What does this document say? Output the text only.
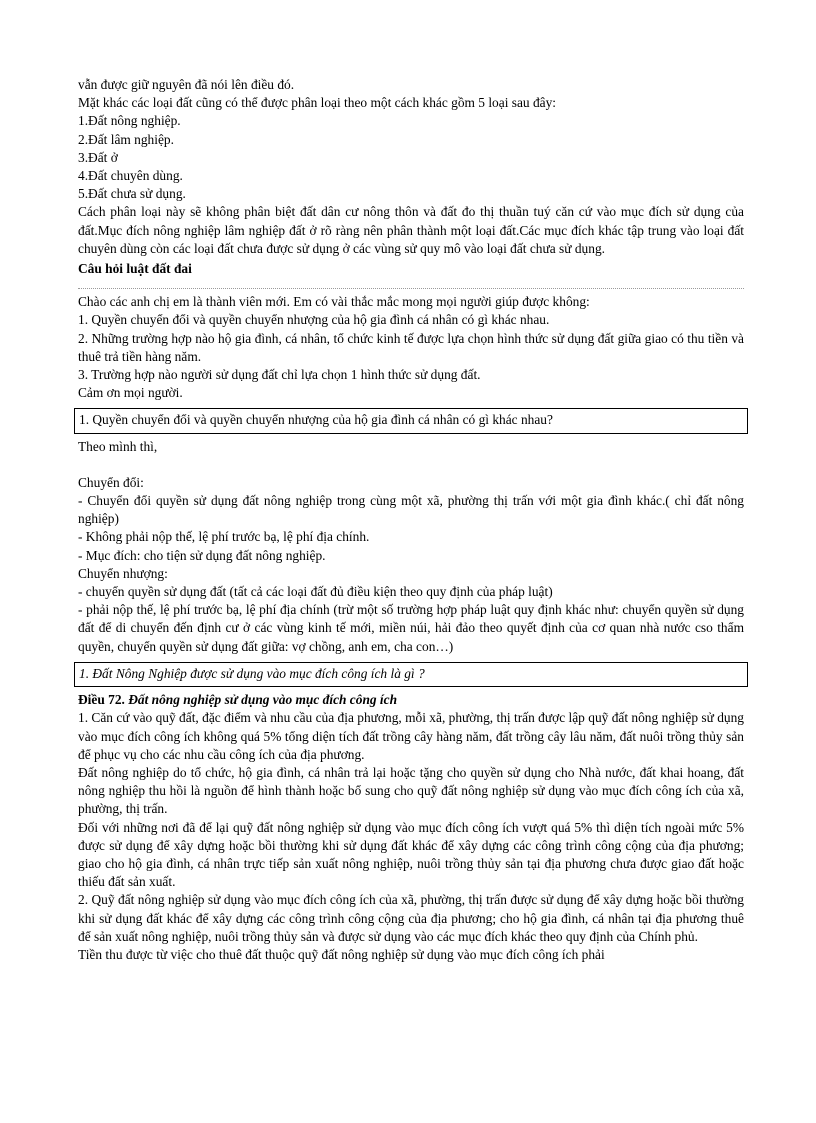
vẫn được giữ nguyên đã nói lên điều đó.

Mặt khác các loại đất cũng có thể được phân loại theo một cách khác gồm 5 loại sau đây:

1.Đất nông nghiệp.

2.Đất lâm nghiệp.

3.Đất ở

4.Đất chuyên dùng.

5.Đất chưa sử dụng.

Cách phân loại này sẽ không phân biệt đất dân cư nông thôn và đất đo thị thuần tuý căn cứ vào mục đích sử dụng của đất.Mục đích nông nghiệp lâm nghiệp đất ở rõ ràng nên phân thành một loại đất.Các mục đích khác tập trung vào loại đất chuyên dùng còn các loại đất chưa được sử dụng ở các vùng sử quy mô vào loại đất chưa sử dụng.

Câu hỏi luật đất đai

Chào các anh chị em là thành viên mới. Em có vài thắc mắc mong mọi người giúp được không:

1. Quyền chuyển đổi và quyền chuyển nhượng của hộ gia đình cá nhân có gì khác nhau.

2. Những trường hợp nào hộ gia đình, cá nhân, tổ chức kinh tế được lựa chọn hình thức sử dụng đất giữa giao có thu tiền và thuê trả tiền hàng năm.

3. Trường hợp nào người sử dụng đất chỉ lựa chọn 1 hình thức sử dụng đất.

Cảm ơn mọi người.

1. Quyền chuyển đổi và quyền chuyển nhượng của hộ gia đình cá nhân có gì khác nhau?

Theo mình thì,

Chuyển đổi:

- Chuyển đổi quyền sử dụng đất nông nghiệp trong cùng một xã, phường thị trấn với một gia đình khác.( chỉ đất nông nghiệp)

- Không phải nộp thế, lệ phí trước bạ, lệ phí địa chính.

- Mục đích: cho tiện sử dụng đất nông nghiệp.

Chuyển nhượng:

- chuyển quyền sử dụng đất (tất cả các loại đất đủ điều kiện theo quy định của pháp luật)

- phải nộp thế, lệ phí trước bạ, lệ phí địa chính (trừ một số trường hợp pháp luật quy định khác như: chuyển quyền sử dụng đất để di chuyển đến định cư ở các vùng kinh tế mới, miền núi, hải đảo theo quyết định của cơ quan nhà nước cso thẩm quyền, chuyển quyền sử dụng đất giữa: vợ chồng, anh em, cha con…)

1. Đất Nông Nghiệp được sử dụng vào mục đích công ích là gì ?

Điều 72. Đất nông nghiệp sử dụng vào mục đích công ích

1. Căn cứ vào quỹ đất, đặc điểm và nhu cầu của địa phương, mỗi xã, phường, thị trấn được lập quỹ đất nông nghiệp sử dụng vào mục đích công ích không quá 5% tổng diện tích đất trồng cây hàng năm, đất trồng cây lâu năm, đất nuôi trồng thủy sản để phục vụ cho các nhu cầu công ích của địa phương.

Đất nông nghiệp do tổ chức, hộ gia đình, cá nhân trả lại hoặc tặng cho quyền sử dụng cho Nhà nước, đất khai hoang, đất nông nghiệp thu hồi là nguồn để hình thành hoặc bổ sung cho quỹ đất nông nghiệp sử dụng vào mục đích công ích của xã, phường, thị trấn.

Đối với những nơi đã để lại quỹ đất nông nghiệp sử dụng vào mục đích công ích vượt quá 5% thì diện tích ngoài mức 5% được sử dụng để xây dựng hoặc bồi thường khi sử dụng đất khác để xây dựng các công trình công cộng của địa phương; giao cho hộ gia đình, cá nhân trực tiếp sản xuất nông nghiệp, nuôi trồng thủy sản tại địa phương chưa được giao đất hoặc thiếu đất sản xuất.

2. Quỹ đất nông nghiệp sử dụng vào mục đích công ích của xã, phường, thị trấn được sử dụng để xây dựng hoặc bồi thường khi sử dụng đất khác để xây dựng các công trình công cộng của địa phương; cho hộ gia đình, cá nhân tại địa phương thuê để sản xuất nông nghiệp, nuôi trồng thủy sản và được sử dụng vào các mục đích khác theo quy định của Chính phủ.

Tiền thu được từ việc cho thuê đất thuộc quỹ đất nông nghiệp sử dụng vào mục đích công ích phải
